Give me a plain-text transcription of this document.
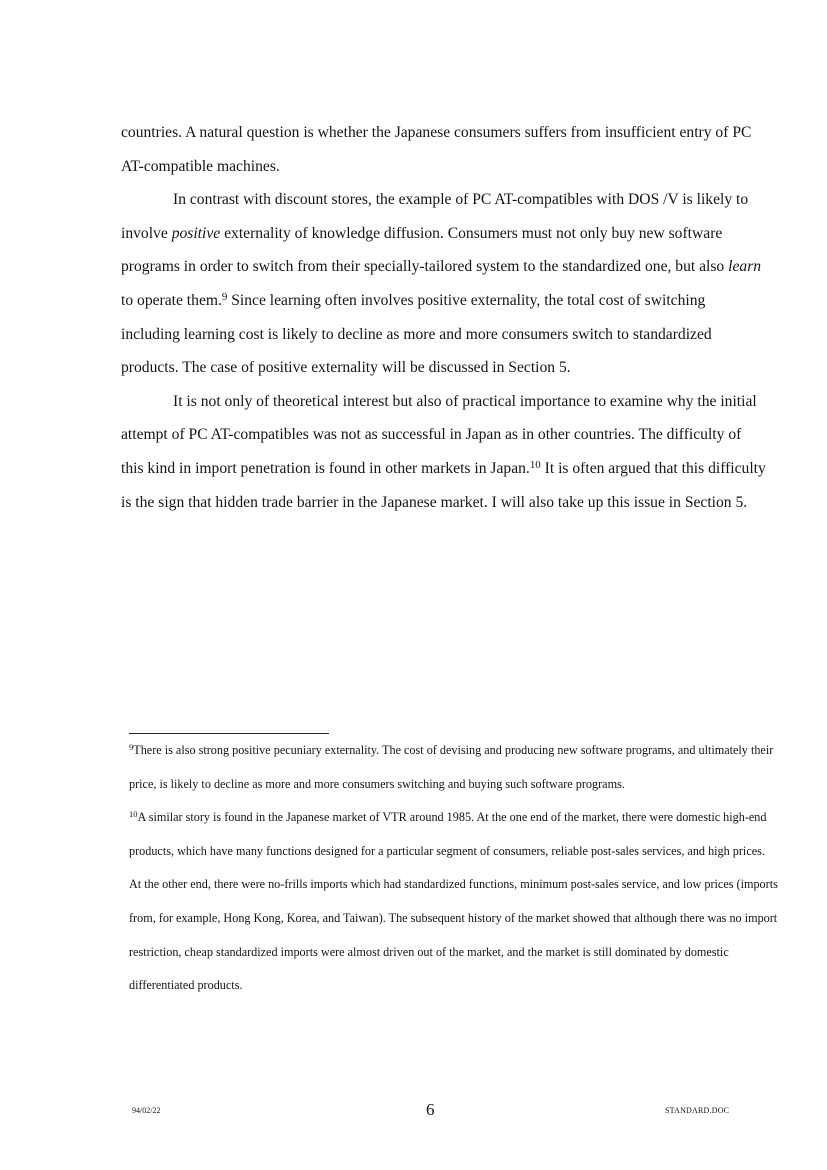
countries. A natural question is whether the Japanese consumers suffers from insufficient entry of PC AT-compatible machines.

In contrast with discount stores, the example of PC AT-compatibles with DOS /V is likely to involve positive externality of knowledge diffusion. Consumers must not only buy new software programs in order to switch from their specially-tailored system to the standardized one, but also learn to operate them.$^9$ Since learning often involves positive externality, the total cost of switching including learning cost is likely to decline as more and more consumers switch to standardized products. The case of positive externality will be discussed in Section 5.

It is not only of theoretical interest but also of practical importance to examine why the initial attempt of PC AT-compatibles was not as successful in Japan as in other countries. The difficulty of this kind in import penetration is found in other markets in Japan.$^{10}$ It is often argued that this difficulty is the sign that hidden trade barrier in the Japanese market. I will also take up this issue in Section 5.

$^9$There is also strong positive pecuniary externality. The cost of devising and producing new software programs, and ultimately their price, is likely to decline as more and more consumers switching and buying such software programs.

$^{10}$A similar story is found in the Japanese market of VTR around 1985. At the one end of the market, there were domestic high-end products, which have many functions designed for a particular segment of consumers, reliable post-sales services, and high prices. At the other end, there were no-frills imports which had standardized functions, minimum post-sales service, and low prices (imports from, for example, Hong Kong, Korea, and Taiwan). The subsequent history of the market showed that although there was no import restriction, cheap standardized imports were almost driven out of the market, and the market is still dominated by domestic differentiated products.

94/02/22	6	STANDARD.DOC
